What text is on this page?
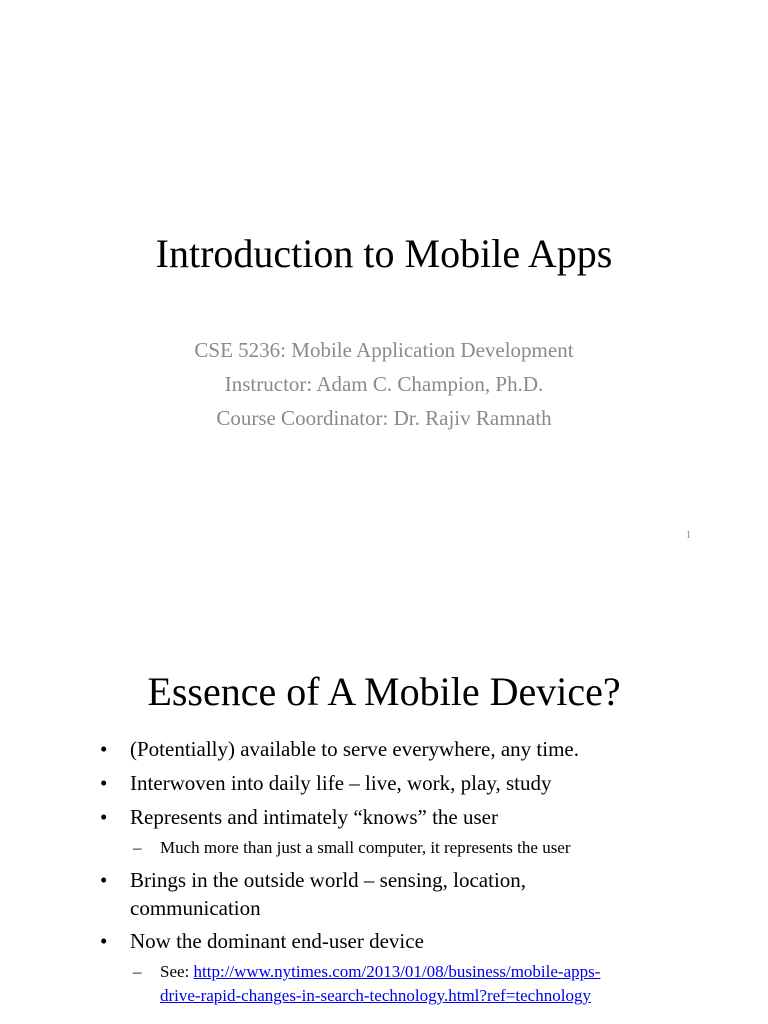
Introduction to Mobile Apps
CSE 5236: Mobile Application Development
Instructor: Adam C. Champion, Ph.D.
Course Coordinator: Dr. Rajiv Ramnath
1
Essence of A Mobile Device?
• (Potentially) available to serve everywhere, any time.
• Interwoven into daily life – live, work, play, study
• Represents and intimately “knows” the user
– Much more than just a small computer, it represents the user
• Brings in the outside world – sensing, location,
communication
• Now the dominant end-user device
– See: http://www.nytimes.com/2013/01/08/business/mobile-apps-
drive-rapid-changes-in-search-technology.html?ref=technology
